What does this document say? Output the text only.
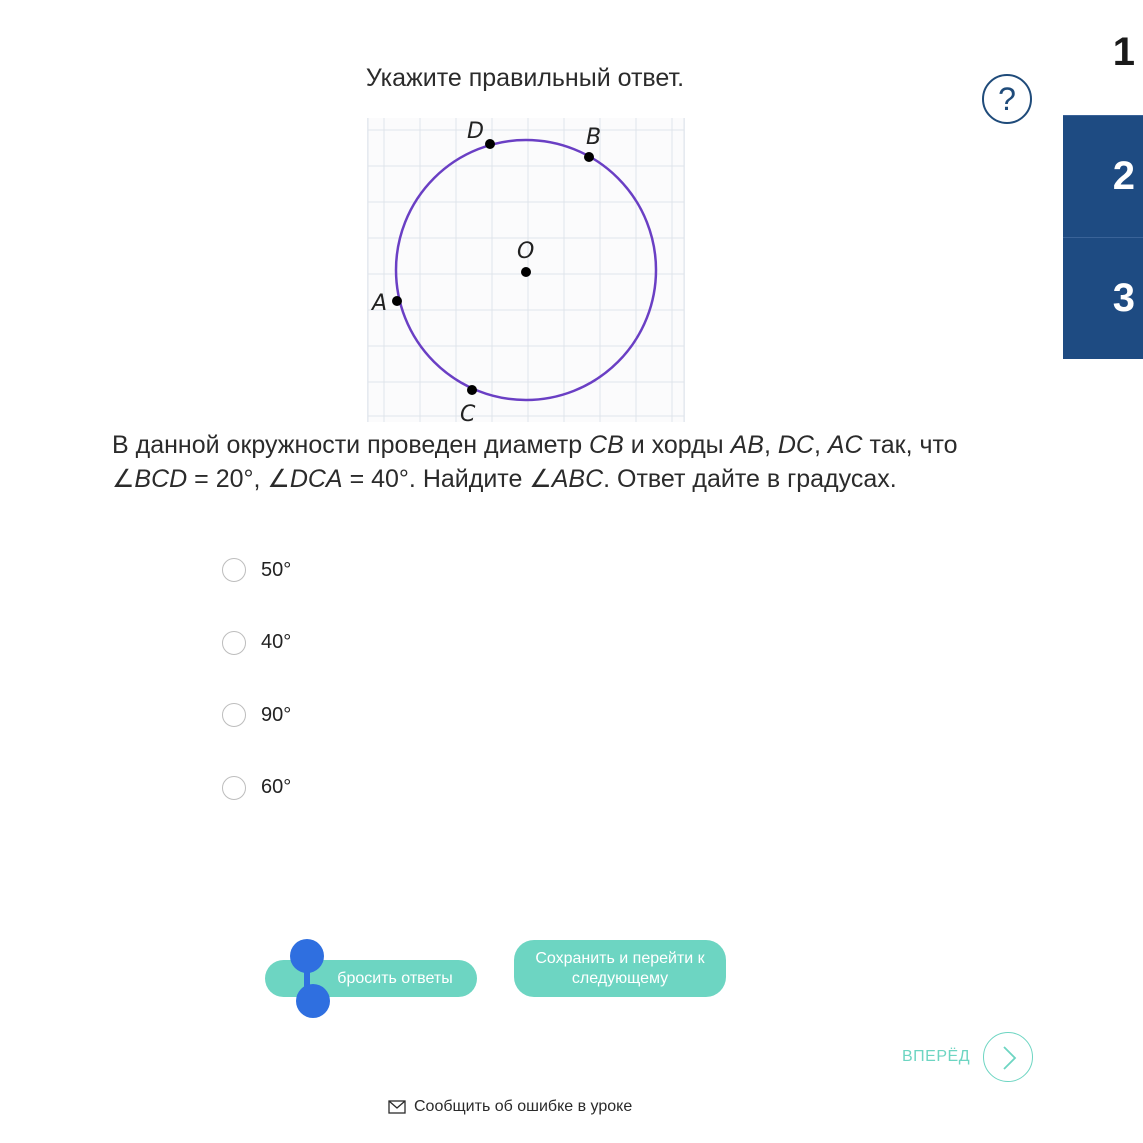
Укажите правильный ответ.
?
1
2
3
D	B
O
A
C
В данной окружности проведен диаметр CB и хорды AB, DC, AC так, что ∠BCD = 20°, ∠DCA = 40°. Найдите ∠ABC. Ответ дайте в градусах.
50°
40°
90°
60°
бросить ответы
Сохранить и перейти к следующему
ВПЕРЁД
Сообщить об ошибке в уроке
